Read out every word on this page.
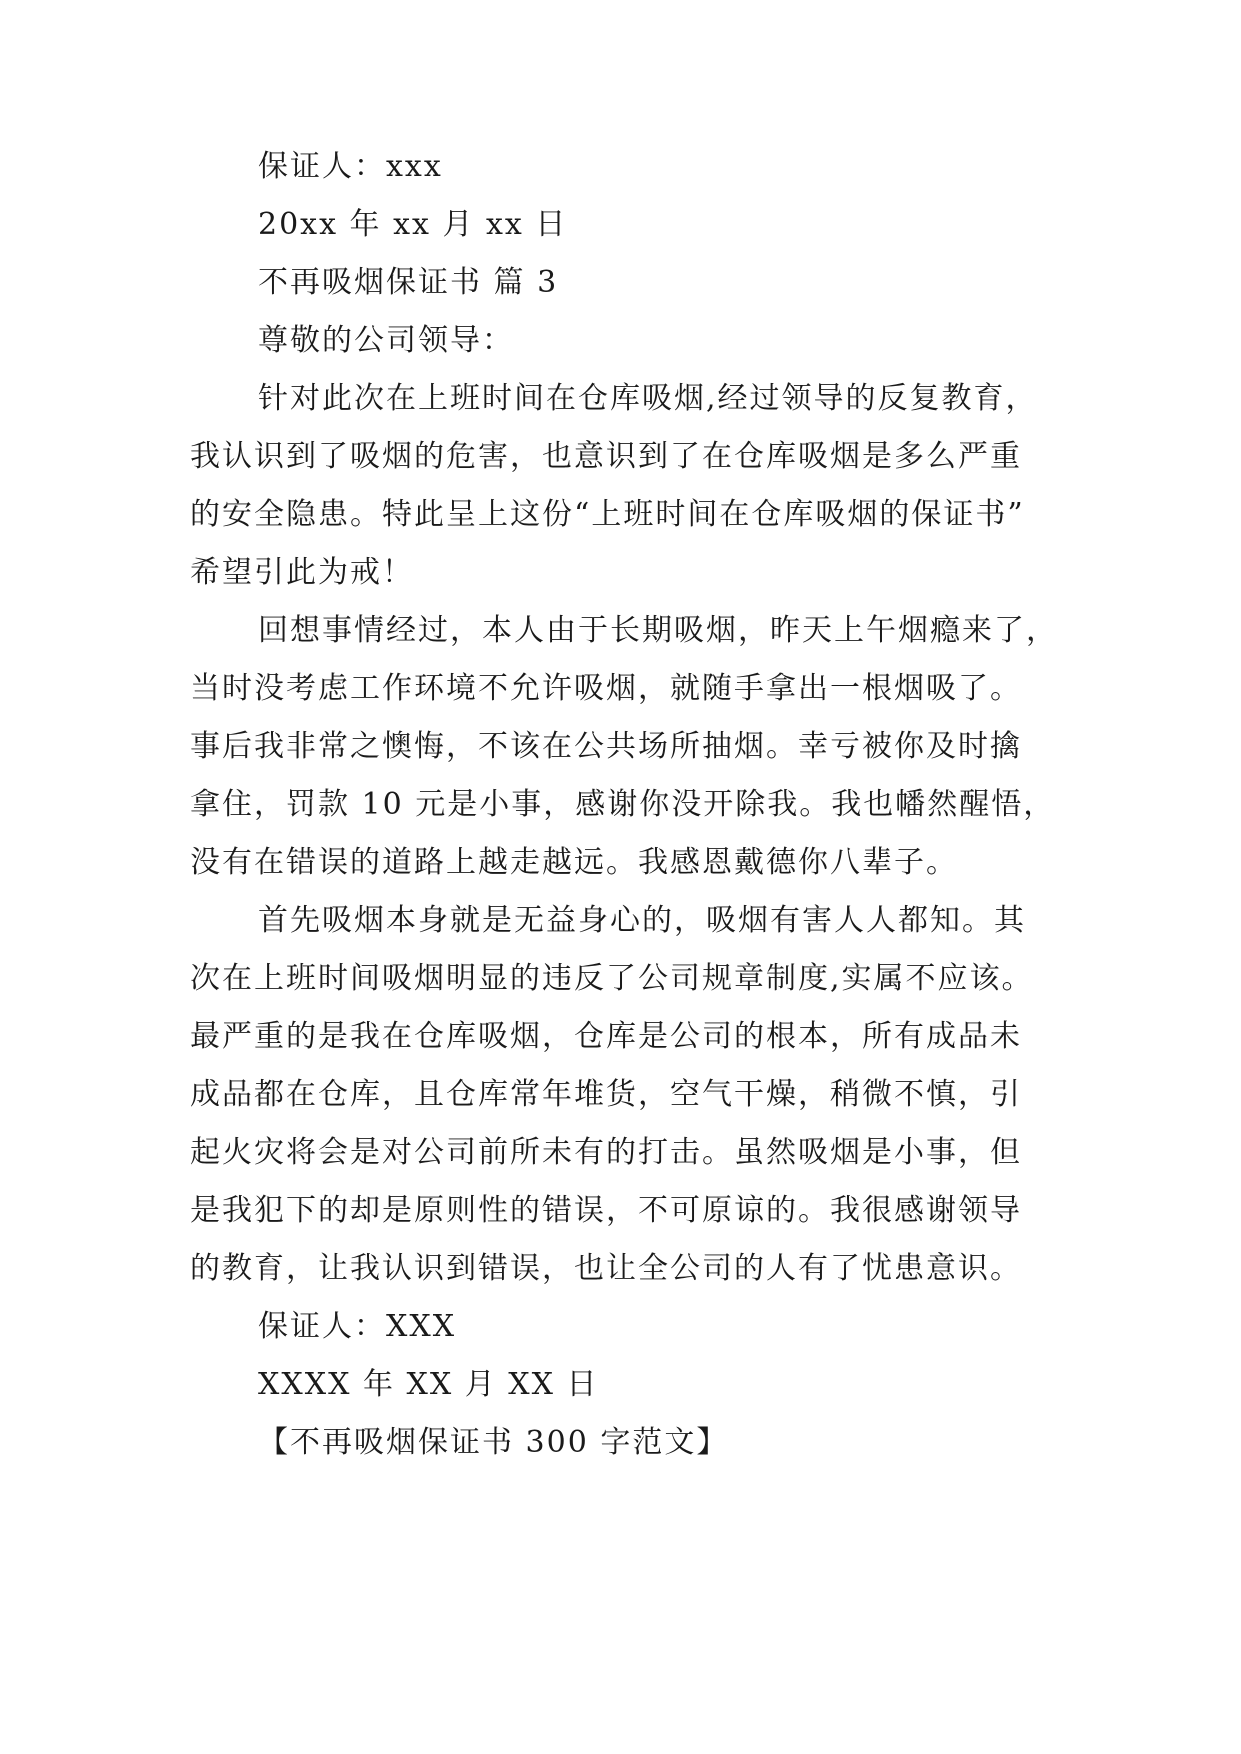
保证人：xxx
20xx 年 xx 月 xx 日
不再吸烟保证书 篇 3
尊敬的公司领导：
针对此次在上班时间在仓库吸烟,经过领导的反复教育，
我认识到了吸烟的危害，也意识到了在仓库吸烟是多么严重
的安全隐患。特此呈上这份“上班时间在仓库吸烟的保证书”
希望引此为戒！
回想事情经过，本人由于长期吸烟，昨天上午烟瘾来了，
当时没考虑工作环境不允许吸烟，就随手拿出一根烟吸了。
事后我非常之懊悔，不该在公共场所抽烟。幸亏被你及时擒
拿住，罚款 10 元是小事，感谢你没开除我。我也幡然醒悟，
没有在错误的道路上越走越远。我感恩戴德你八辈子。
首先吸烟本身就是无益身心的，吸烟有害人人都知。其
次在上班时间吸烟明显的违反了公司规章制度,实属不应该。
最严重的是我在仓库吸烟，仓库是公司的根本，所有成品未
成品都在仓库，且仓库常年堆货，空气干燥，稍微不慎，引
起火灾将会是对公司前所未有的打击。虽然吸烟是小事，但
是我犯下的却是原则性的错误，不可原谅的。我很感谢领导
的教育，让我认识到错误，也让全公司的人有了忧患意识。
保证人：XXX
XXXX 年 XX 月 XX 日
【不再吸烟保证书 300 字范文】
